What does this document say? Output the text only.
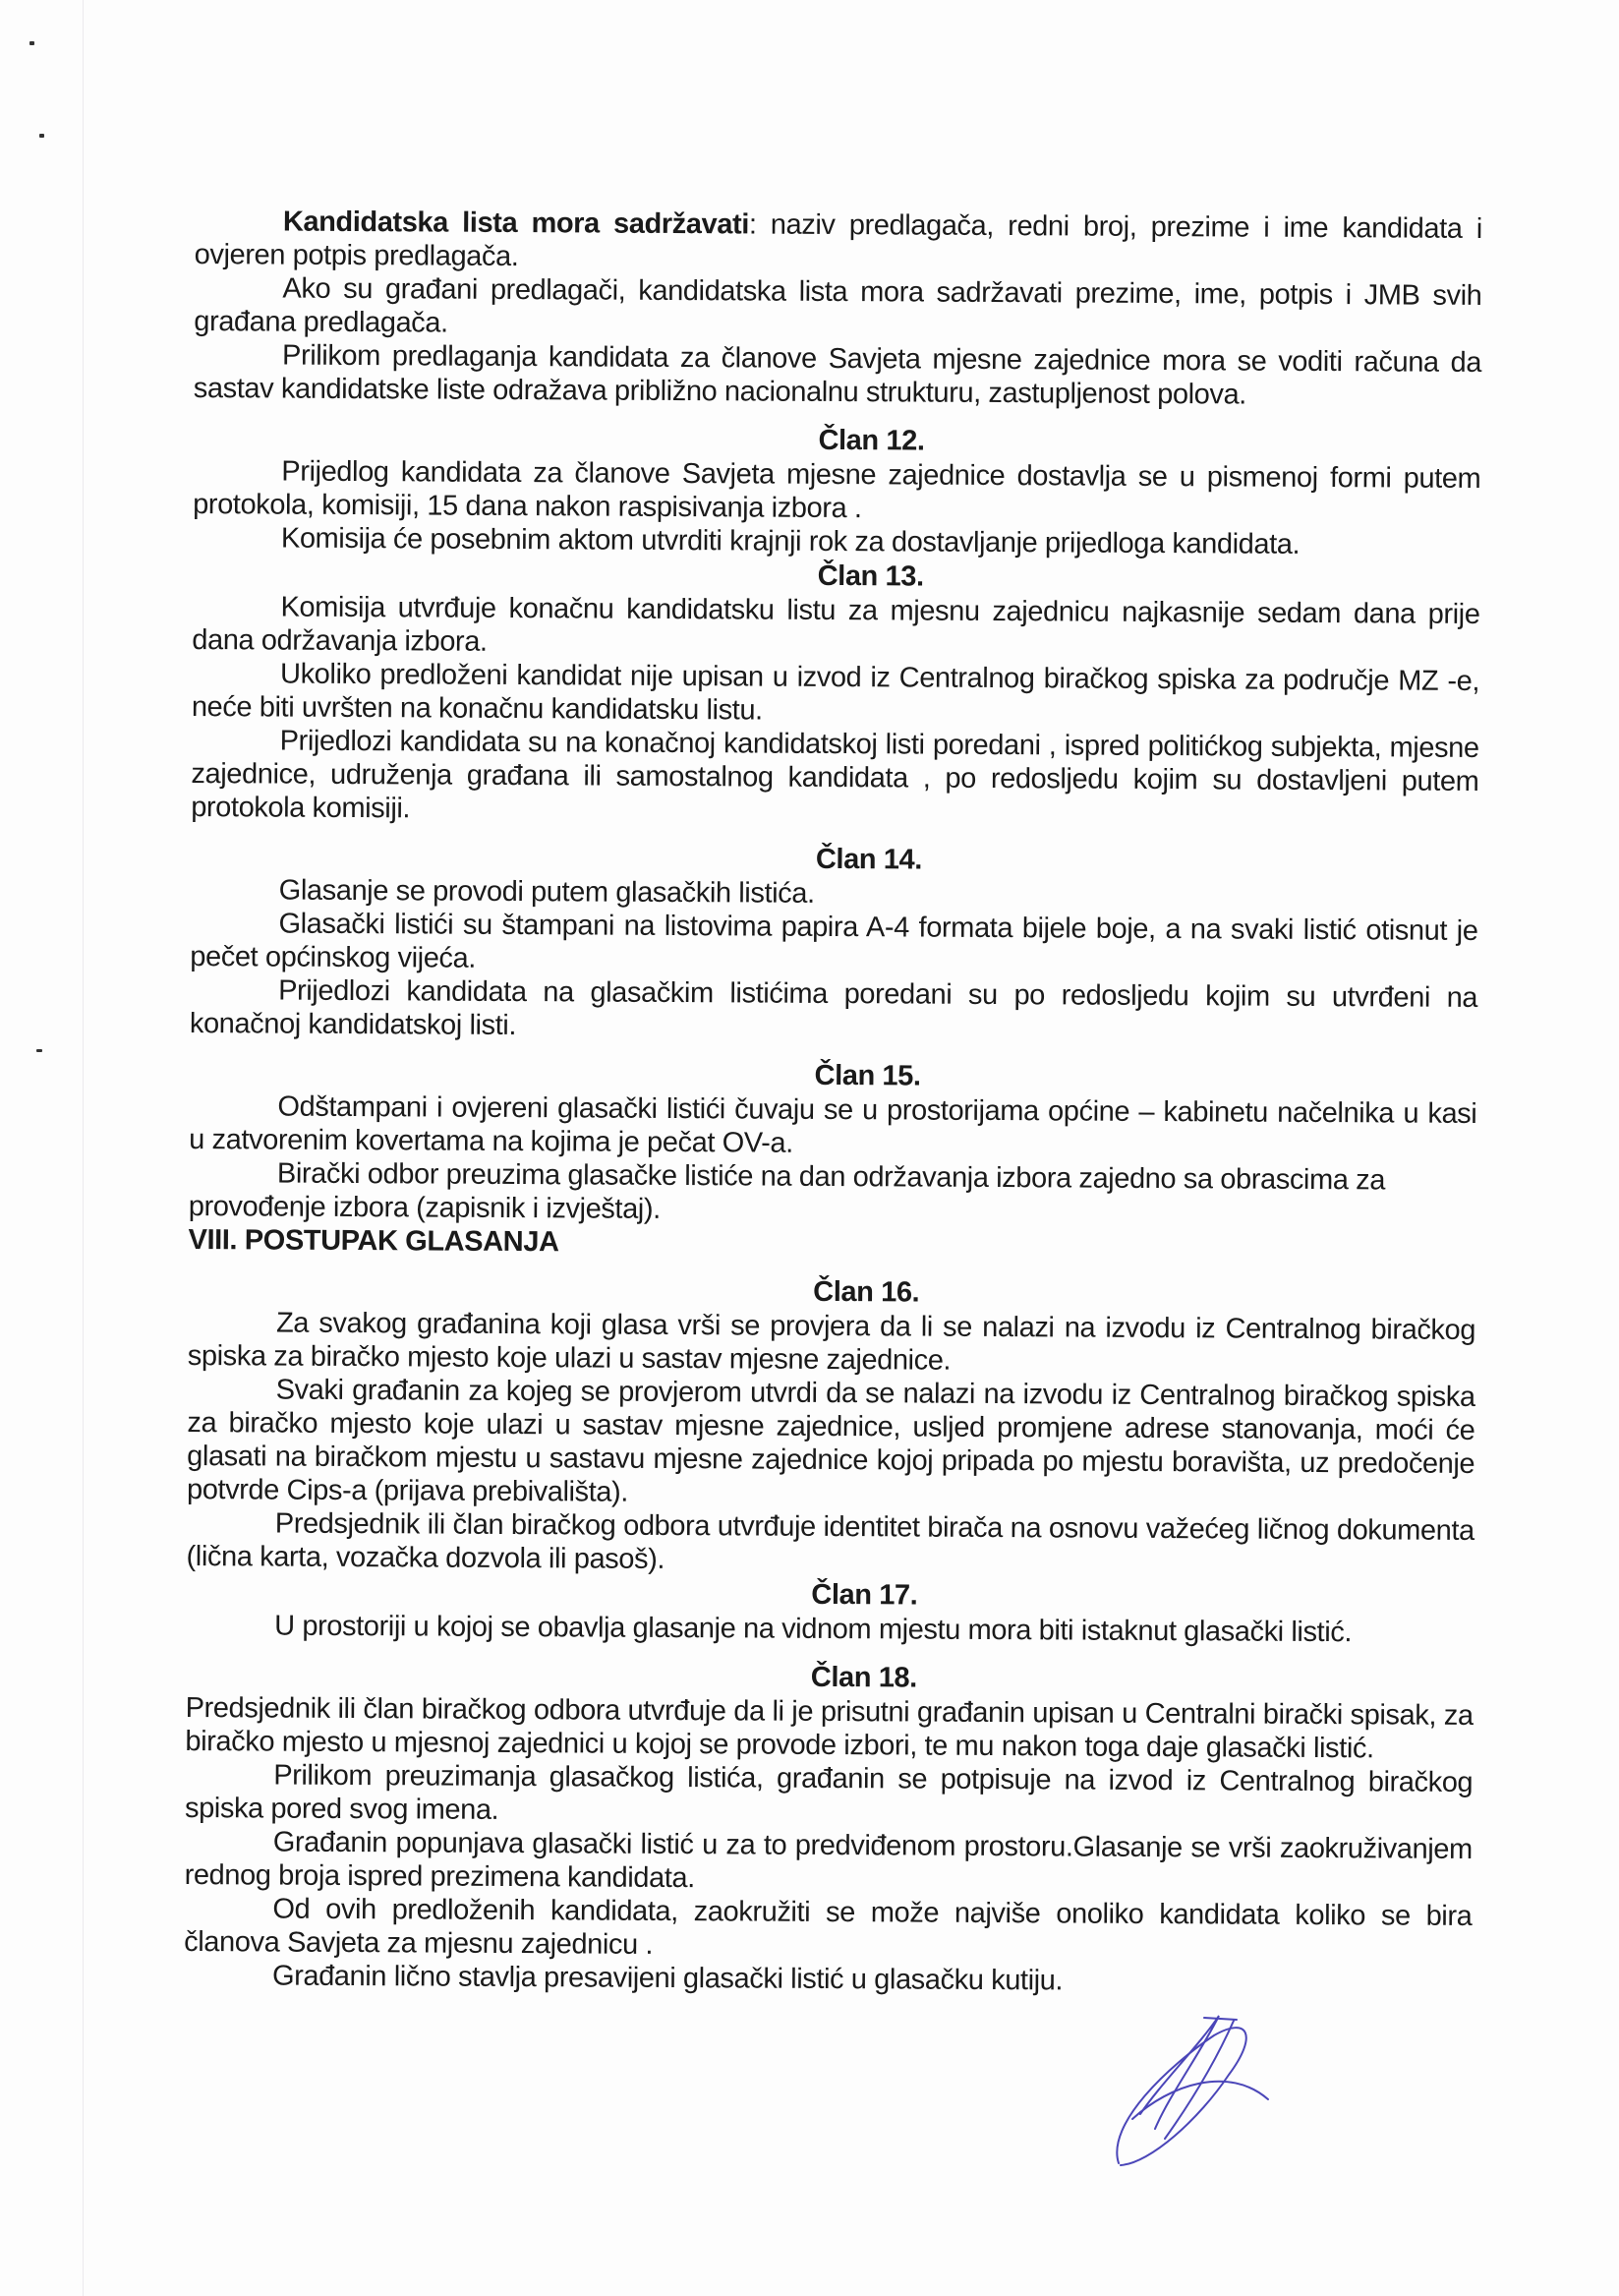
Kandidatska lista mora sadržavati: naziv predlagača, redni broj, prezime i ime kandidata i ovjeren potpis predlagača.

Ako su građani predlagači, kandidatska lista mora sadržavati prezime, ime, potpis i JMB svih građana predlagača.

Prilikom predlaganja kandidata za članove Savjeta mjesne zajednice mora se voditi računa da sastav kandidatske liste odražava približno nacionalnu strukturu, zastupljenost polova.

Član 12.

Prijedlog kandidata za članove Savjeta mjesne zajednice dostavlja se u pismenoj formi putem protokola, komisiji, 15 dana nakon raspisivanja izbora .

Komisija će posebnim aktom utvrditi krajnji rok za dostavljanje prijedloga kandidata.

Član 13.

Komisija utvrđuje konačnu kandidatsku listu za mjesnu zajednicu najkasnije sedam dana prije dana održavanja izbora.

Ukoliko predloženi kandidat nije upisan u izvod iz Centralnog biračkog spiska za područje MZ -e, neće biti uvršten na konačnu kandidatsku listu.

Prijedlozi kandidata su na konačnoj kandidatskoj listi poredani , ispred politićkog subjekta, mjesne zajednice, udruženja građana ili samostalnog kandidata , po redosljedu kojim su dostavljeni putem protokola komisiji.

Član 14.

Glasanje se provodi putem glasačkih listića.

Glasački listići su štampani na listovima papira A-4 formata bijele boje, a na svaki listić otisnut je pečet općinskog vijeća.

Prijedlozi kandidata na glasačkim listićima poredani su po redosljedu kojim su utvrđeni na konačnoj kandidatskoj listi.

Član 15.

Odštampani i ovjereni glasački listići čuvaju se u prostorijama općine – kabinetu načelnika u kasi u zatvorenim kovertama na kojima je pečat OV-a.

Birački odbor preuzima glasačke listiće na dan održavanja izbora zajedno sa obrascima za provođenje izbora (zapisnik i izvještaj).

VIII. POSTUPAK GLASANJA
Član 16.

Za svakog građanina koji glasa vrši se provjera da li se nalazi na izvodu iz Centralnog biračkog spiska za biračko mjesto koje ulazi u sastav mjesne zajednice.

Svaki građanin za kojeg se provjerom utvrdi da se nalazi na izvodu iz Centralnog biračkog spiska za biračko mjesto koje ulazi u sastav mjesne zajednice, usljed promjene adrese stanovanja, moći će glasati na biračkom mjestu u sastavu mjesne zajednice kojoj pripada po mjestu boravišta, uz predočenje potvrde Cips-a (prijava prebivališta).

Predsjednik ili član biračkog odbora utvrđuje identitet birača na osnovu važećeg ličnog dokumenta (lična karta, vozačka dozvola ili pasoš).

Član 17.

U prostoriji u kojoj se obavlja glasanje na vidnom mjestu mora biti istaknut glasački listić.

Član 18.

Predsjednik ili član biračkog odbora utvrđuje da li je prisutni građanin upisan u Centralni birački spisak, za biračko mjesto u mjesnoj zajednici u kojoj se provode izbori, te mu nakon toga daje glasački listić.

Prilikom preuzimanja glasačkog listića, građanin se potpisuje na izvod iz Centralnog biračkog spiska pored svog imena.

Građanin popunjava glasački listić u za to predviđenom prostoru.Glasanje se vrši zaokruživanjem rednog broja ispred prezimena kandidata.

Od ovih predloženih kandidata, zaokružiti se može najviše onoliko kandidata koliko se bira članova Savjeta za mjesnu zajednicu .

Građanin lično stavlja presavijeni glasački listić u glasačku kutiju.
